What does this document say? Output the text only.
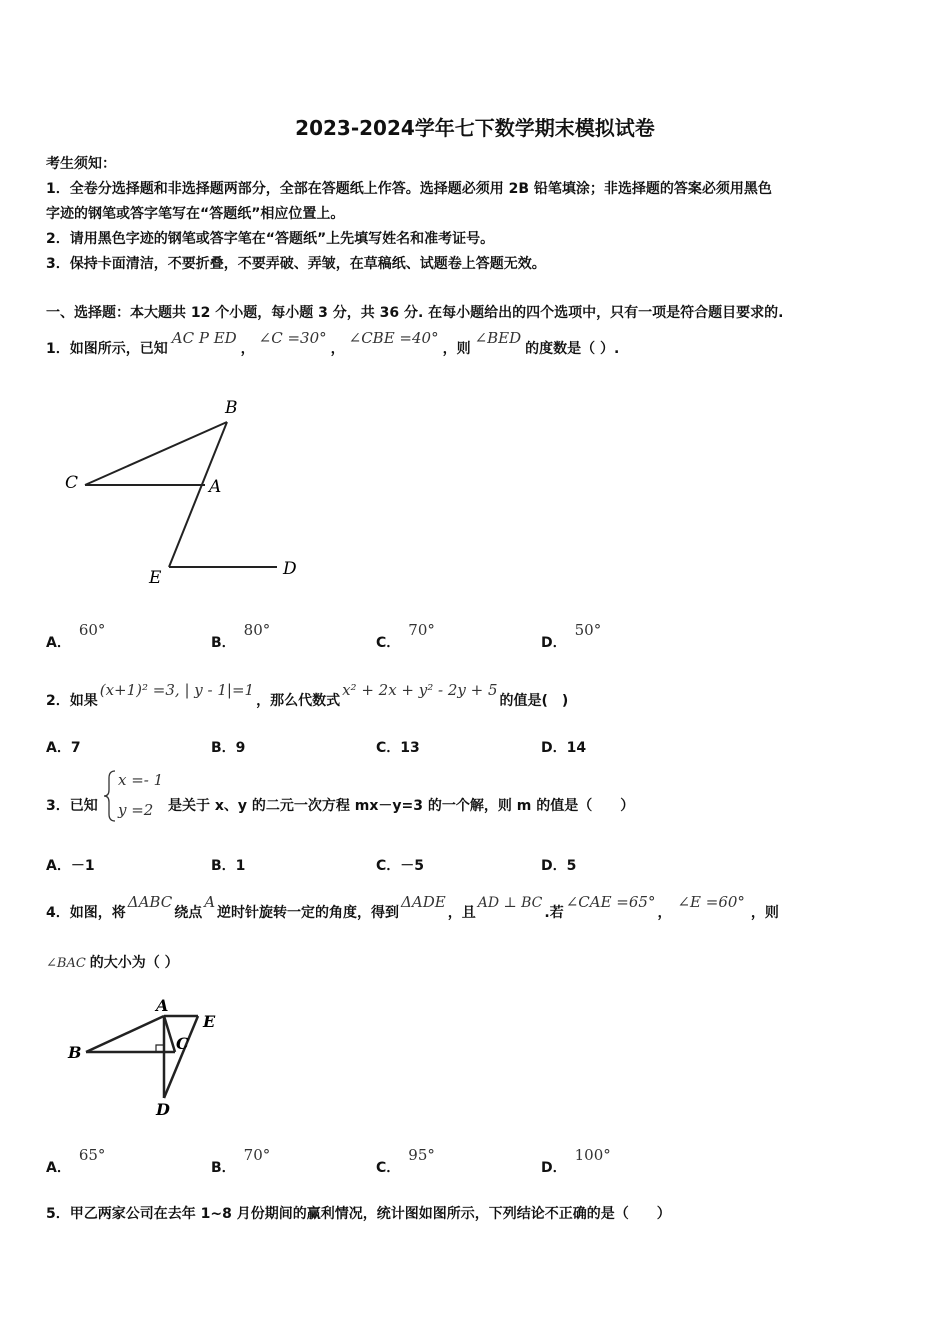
2023-2024学年七下数学期末模拟试卷
考生须知：
1．全卷分选择题和非选择题两部分，全部在答题纸上作答。选择题必须用 2B 铅笔填涂；非选择题的答案必须用黑色
字迹的钢笔或答字笔写在“答题纸”相应位置上。
2．请用黑色字迹的钢笔或答字笔在“答题纸”上先填写姓名和准考证号。
3．保持卡面清洁，不要折叠，不要弄破、弄皱，在草稿纸、试题卷上答题无效。
一、选择题：本大题共 12 个小题，每小题 3 分，共 36 分. 在每小题给出的四个选项中，只有一项是符合题目要求的.
1．如图所示，已知AC P ED，∠C =30°，∠CBE =40°，则∠BED的度数是（ ）.
B
C	A
E	D
A．60°
B．80°
C．70°
D．50°
2．如果(x+1)² =3, | y - 1|=1，那么代数式x² + 2x + y² - 2y + 5的值是(　)
A．7	B．9	C．13	D．14
3．已知
x =- 1
y =2 是关于 x、y 的二元一次方程 mx－y=3 的一个解，则 m 的值是（　　）
A．－1	B．1	C．－5	D．5
4．如图，将ΔABC绕点A逆时针旋转一定的角度，得到ΔADE，且AD ⊥ BC.若∠CAE =65°，∠E =60°，则
∠BAC 的大小为（ ）
A
E
B	C
D
A．65°
B．70°
C．95°
D．100°
5．甲乙两家公司在去年 1~8 月份期间的赢利情况，统计图如图所示，下列结论不正确的是（　　）
